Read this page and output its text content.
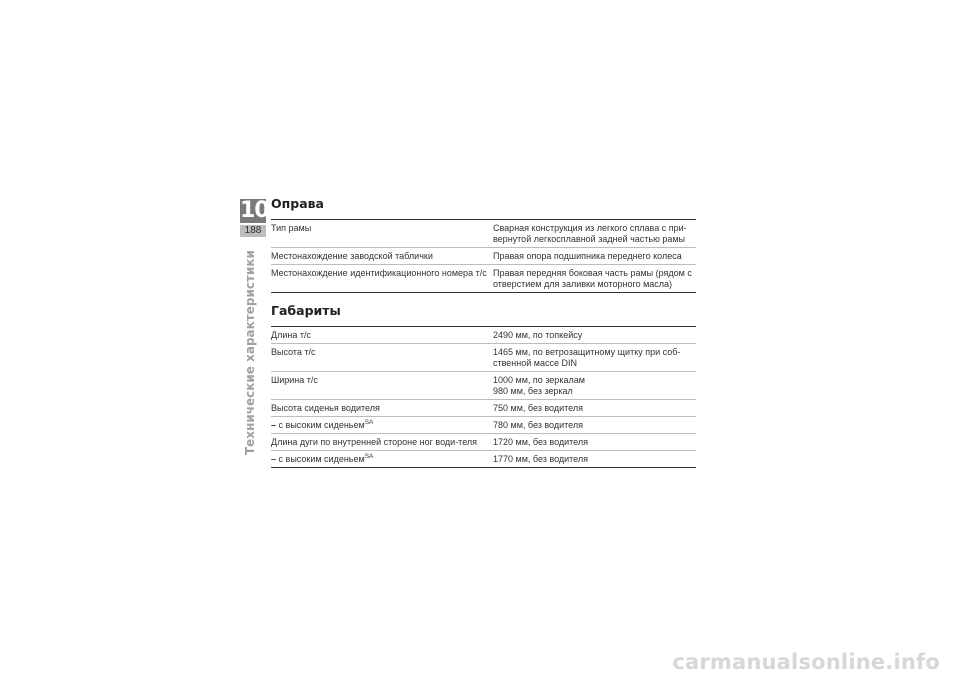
10
188
Технические характеристики
Оправа
Тип рамы	Сварная конструкция из легкого сплава с при-вернутой легкосплавной задней частью рамы
Местонахождение заводской таблички	Правая опора подшипника переднего колеса
Местонахождение идентификационного номера т/с	Правая передняя боковая часть рамы (рядом с отверстием для заливки моторного масла)
Габариты
Длина т/с	2490 мм, по топкейсу
Высота т/с	1465 мм, по ветрозащитному щитку при соб-ственной массе DIN
Ширина т/с	1000 мм, по зеркалам
980 мм, без зеркал

Высота сиденья водителя	750 мм, без водителя
– с высоким сиденьем$^{SA}$	780 мм, без водителя
Длина дуги по внутренней стороне ног води-теля	1720 мм, без водителя
– с высоким сиденьем$^{SA}$	1770 мм, без водителя
carmanualsonline.info
